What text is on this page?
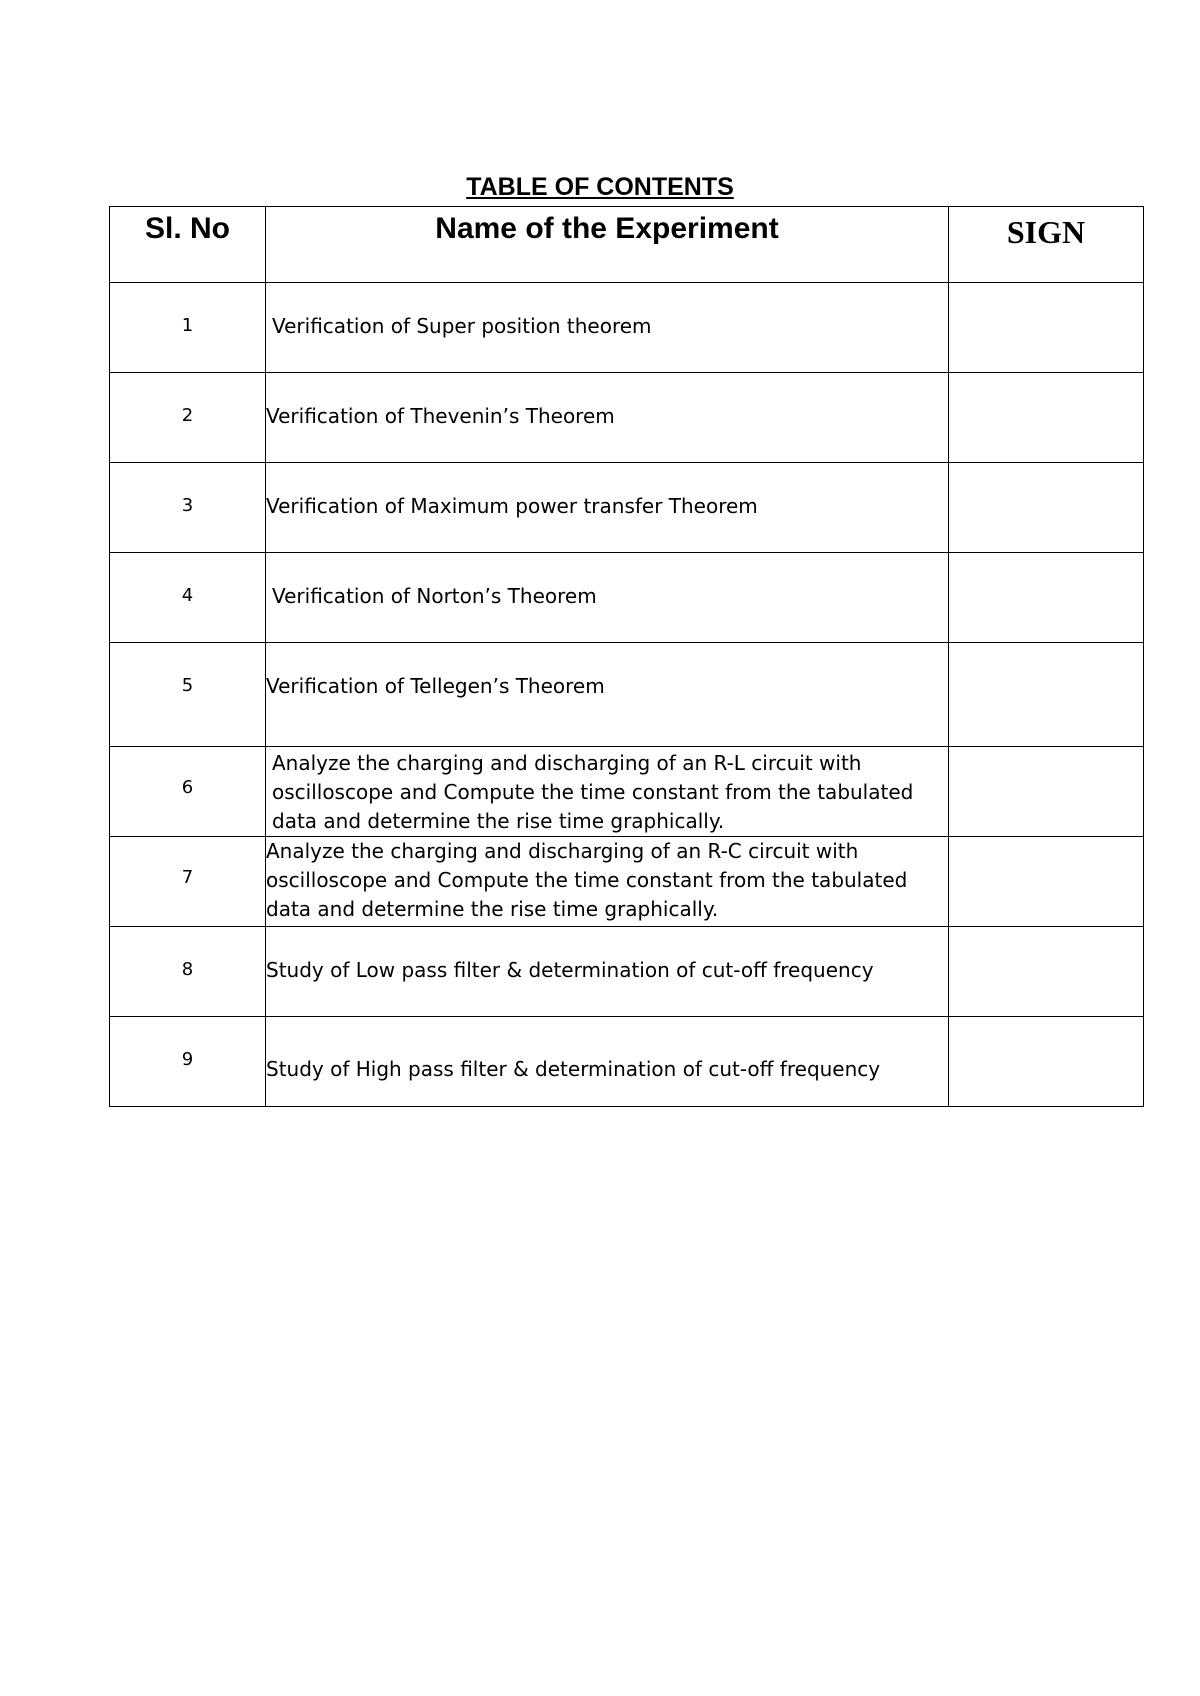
TABLE OF CONTENTS
Sl. No	Name of the Experiment	SIGN
1	Verification of Super position theorem	
2	Verification of Thevenin’s Theorem	
3	Verification of Maximum power transfer Theorem	
4	Verification of Norton’s Theorem	
5	Verification of Tellegen’s Theorem	
6	Analyze the charging and discharging of an R-L circuit with oscilloscope and Compute the time constant from the tabulated data and determine the rise time graphically.	
7	Analyze the charging and discharging of an R-C circuit with oscilloscope and Compute the time constant from the tabulated data and determine the rise time graphically.	
8	Study of Low pass filter & determination of cut-off frequency	
9	Study of High pass filter & determination of cut-off frequency	
